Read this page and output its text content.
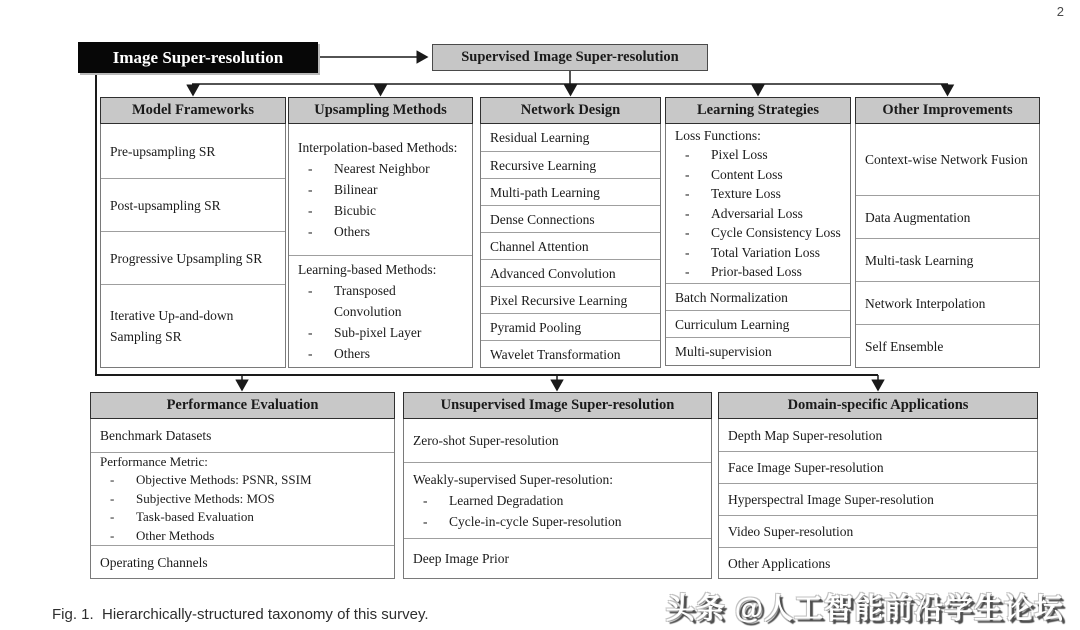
2
Image Super-resolution	Supervised Image Super-resolution
Model Frameworks
Pre-upsampling SR
Post-upsampling SR
Progressive Upsampling SR
Iterative Up-and-down Sampling SR
Upsampling Methods
Interpolation-based Methods:
- Nearest Neighbor
- Bilinear
- Bicubic
- Others
Learning-based Methods:
- Transposed Convolution
- Sub-pixel Layer
- Others
Network Design
Residual Learning
Recursive Learning
Multi-path Learning
Dense Connections
Channel Attention
Advanced Convolution
Pixel Recursive Learning
Pyramid Pooling
Wavelet Transformation
Learning Strategies
Loss Functions:
- Pixel Loss
- Content Loss
- Texture Loss
- Adversarial Loss
- Cycle Consistency Loss
- Total Variation Loss
- Prior-based Loss
Batch Normalization
Curriculum Learning
Multi-supervision
Other Improvements
Context-wise Network Fusion
Data Augmentation
Multi-task Learning
Network Interpolation
Self Ensemble
Performance Evaluation
Benchmark Datasets
Performance Metric:
- Objective Methods: PSNR, SSIM
- Subjective Methods: MOS
- Task-based Evaluation
- Other Methods
Operating Channels
Unsupervised Image Super-resolution
Zero-shot Super-resolution
Weakly-supervised Super-resolution:
- Learned Degradation
- Cycle-in-cycle Super-resolution
Deep Image Prior
Domain-specific Applications
Depth Map Super-resolution
Face Image Super-resolution
Hyperspectral Image Super-resolution
Video Super-resolution
Other Applications
Fig. 1.  Hierarchically-structured taxonomy of this survey.	头条 @人工智能前沿学生论坛
